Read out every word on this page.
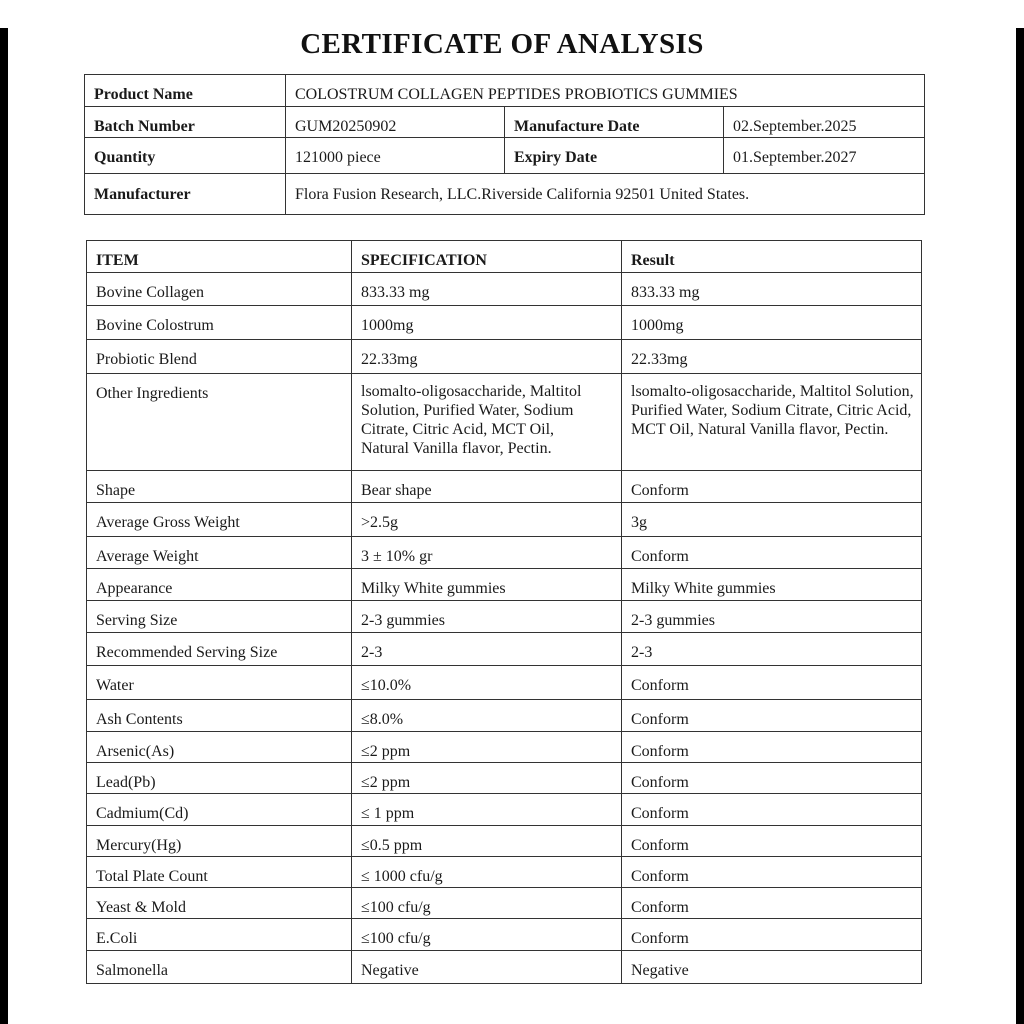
CERTIFICATE OF ANALYSIS
Product Name	COLOSTRUM COLLAGEN PEPTIDES PROBIOTICS GUMMIES		
Batch Number	GUM20250902	Manufacture Date	02.September.2025
Quantity	121000 piece	Expiry Date	01.September.2027
Manufacturer	Flora Fusion Research, LLC.Riverside California 92501 United States.		
ITEM	SPECIFICATION	Result
Bovine Collagen	833.33 mg	833.33 mg
Bovine Colostrum	1000mg	1000mg
Probiotic Blend	22.33mg	22.33mg
Other Ingredients	lsomalto-oligosaccharide, Maltitol Solution, Purified Water, Sodium Citrate, Citric Acid, MCT Oil, Natural Vanilla flavor, Pectin.	lsomalto-oligosaccharide, Maltitol Solution, Purified Water, Sodium Citrate, Citric Acid, MCT Oil, Natural Vanilla flavor, Pectin.
Shape	Bear shape	Conform
Average Gross Weight	>2.5g	3g
Average Weight	3 ± 10% gr	Conform
Appearance	Milky White gummies	Milky White gummies
Serving Size	2-3 gummies	2-3 gummies
Recommended Serving Size	2-3	2-3
Water	≤10.0%	Conform
Ash Contents	≤8.0%	Conform
Arsenic(As)	≤2 ppm	Conform
Lead(Pb)	≤2 ppm	Conform
Cadmium(Cd)	≤ 1 ppm	Conform
Mercury(Hg)	≤0.5 ppm	Conform
Total Plate Count	≤ 1000 cfu/g	Conform
Yeast & Mold	≤100 cfu/g	Conform
E.Coli	≤100 cfu/g	Conform
Salmonella	Negative	Negative
